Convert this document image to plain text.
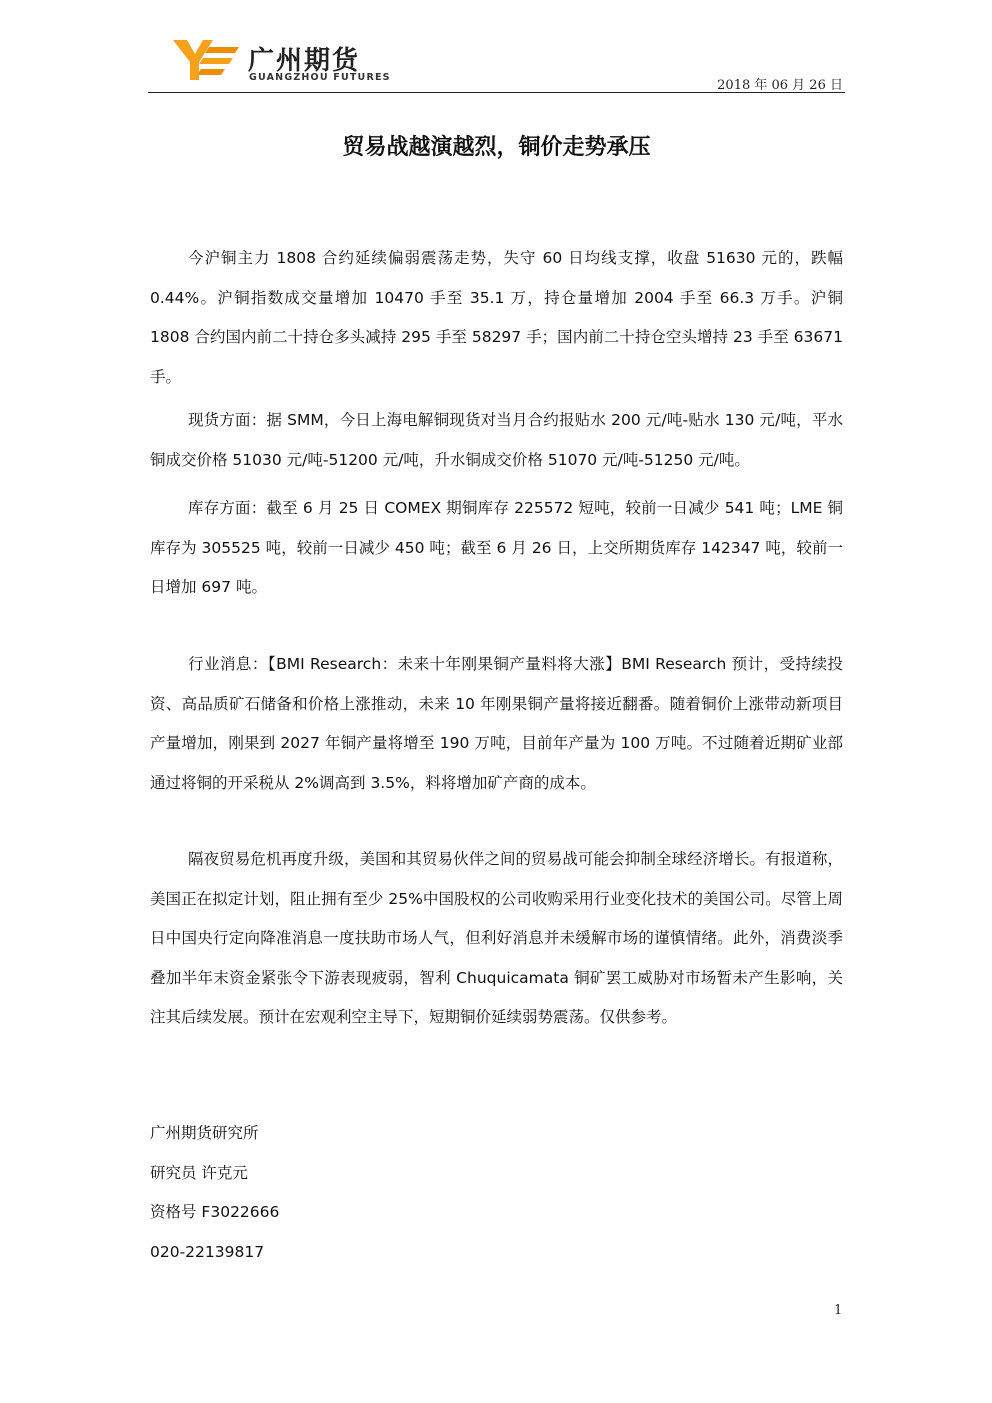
广州期货
GUANGZHOU FUTURES
2018 年 06 月 26 日
贸易战越演越烈，铜价走势承压

今沪铜主力 1808 合约延续偏弱震荡走势，失守 60 日均线支撑，收盘 51630 元的，跌幅 0.44%。沪铜指数成交量增加 10470 手至 35.1 万，持仓量增加 2004 手至 66.3 万手。沪铜 1808 合约国内前二十持仓多头减持 295 手至 58297 手；国内前二十持仓空头增持 23 手至 63671 手。

现货方面：据 SMM，今日上海电解铜现货对当月合约报贴水 200 元/吨-贴水 130 元/吨，平水铜成交价格 51030 元/吨-51200 元/吨，升水铜成交价格 51070 元/吨-51250 元/吨。

库存方面：截至 6 月 25 日 COMEX 期铜库存 225572 短吨，较前一日减少 541 吨；LME 铜库存为 305525 吨，较前一日减少 450 吨；截至 6 月 26 日，上交所期货库存 142347 吨，较前一日增加 697 吨。

行业消息：【BMI Research：未来十年刚果铜产量料将大涨】BMI Research 预计，受持续投资、高品质矿石储备和价格上涨推动，未来 10 年刚果铜产量将接近翻番。随着铜价上涨带动新项目产量增加，刚果到 2027 年铜产量将增至 190 万吨，目前年产量为 100 万吨。不过随着近期矿业部通过将铜的开采税从 2%调高到 3.5%，料将增加矿产商的成本。

隔夜贸易危机再度升级，美国和其贸易伙伴之间的贸易战可能会抑制全球经济增长。有报道称，美国正在拟定计划，阻止拥有至少 25%中国股权的公司收购采用行业变化技术的美国公司。尽管上周日中国央行定向降准消息一度扶助市场人气，但利好消息并未缓解市场的谨慎情绪。此外，消费淡季叠加半年末资金紧张令下游表现疲弱，智利 Chuquicamata 铜矿罢工威胁对市场暂未产生影响，关注其后续发展。预计在宏观利空主导下，短期铜价延续弱势震荡。仅供参考。

广州期货研究所
研究员 许克元
资格号 F3022666
020-22139817
1
